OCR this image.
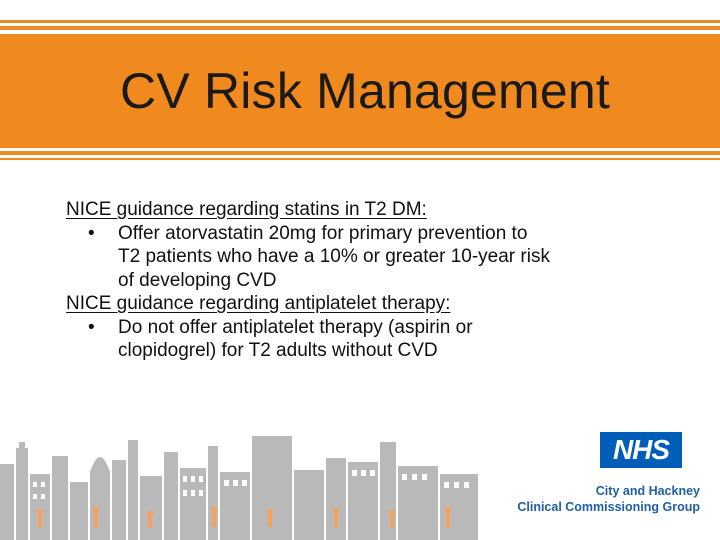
CV Risk Management

NICE guidance regarding statins in T2 DM:

• Offer atorvastatin 20mg for primary prevention to
T2 patients who have a 10% or greater 10-year risk
of developing CVD

NICE guidance regarding antiplatelet therapy:

• Do not offer antiplatelet therapy (aspirin or
clopidogrel) for T2 adults without CVD
NHS
City and Hackney
Clinical Commissioning Group
